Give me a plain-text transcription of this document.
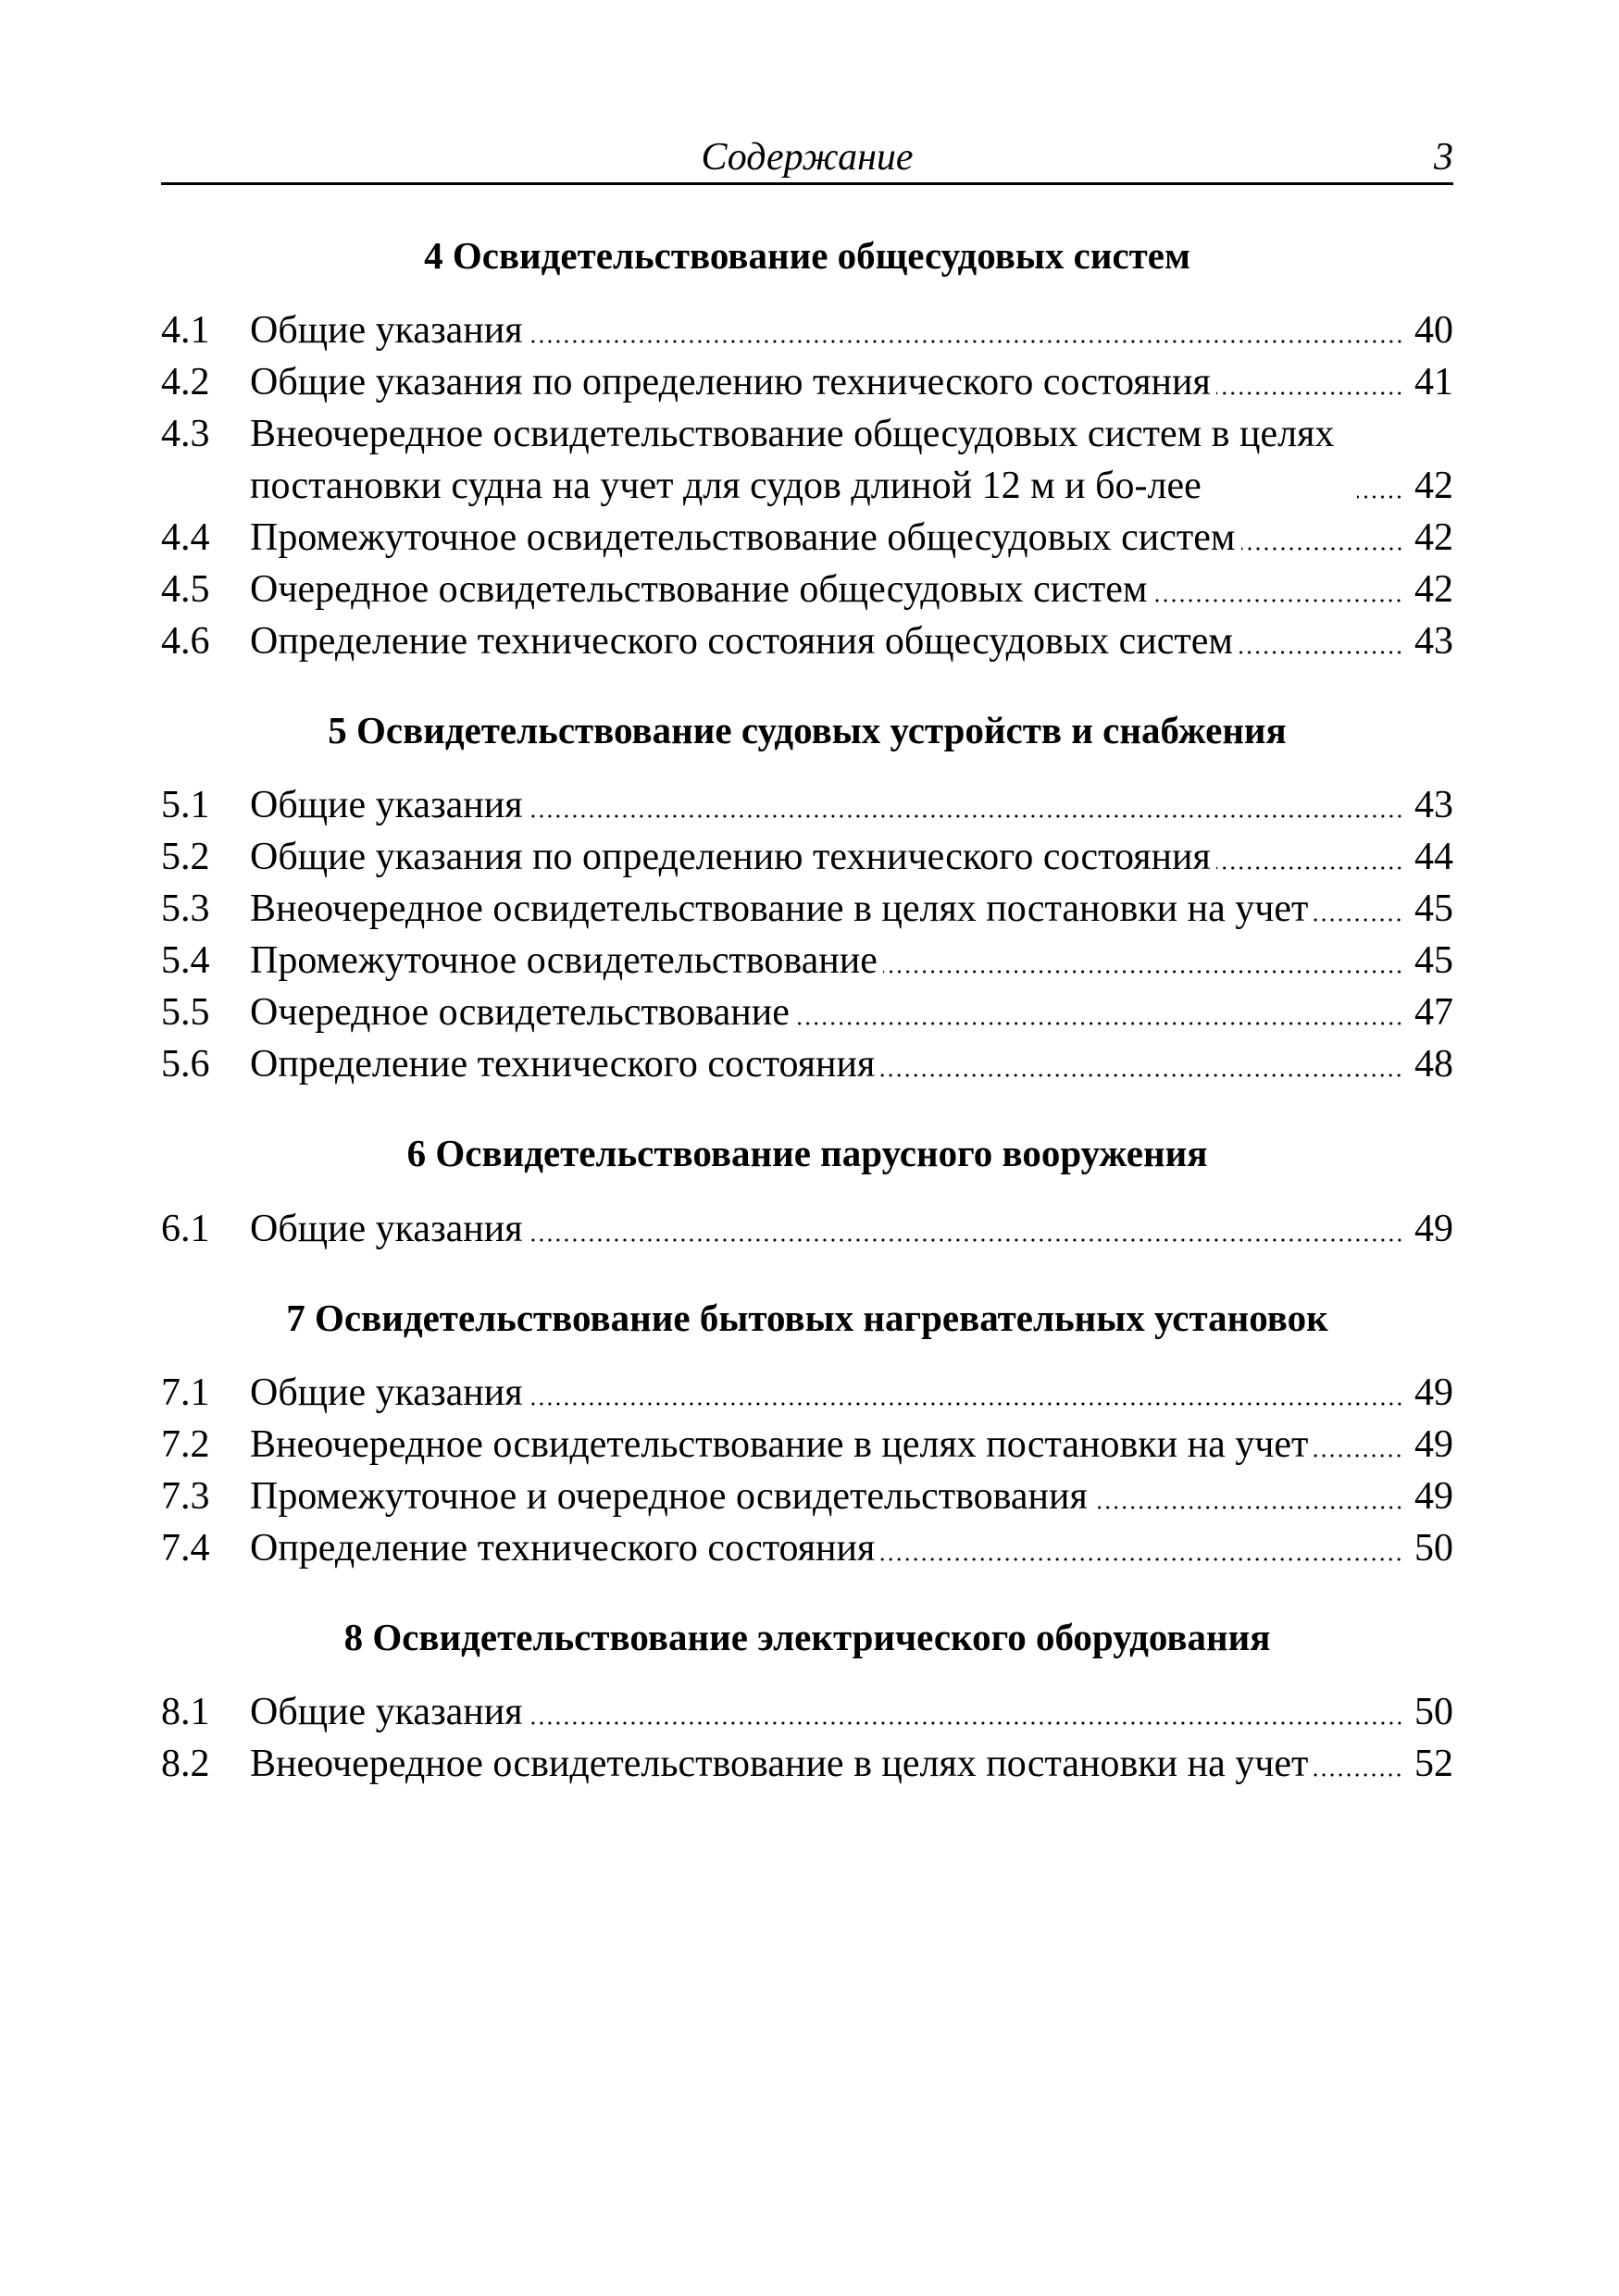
Содержание	3
4 Освидетельствование общесудовых систем
4.1	Общие указания	40
4.2	Общие указания по определению технического состояния	41
4.3	Внеочередное освидетельствование общесудовых систем в целях постановки судна на учет для судов длиной 12 м и бо-лее	42
4.4	Промежуточное освидетельствование общесудовых систем	42
4.5	Очередное освидетельствование общесудовых систем	42
4.6	Определение технического состояния общесудовых систем	43
5 Освидетельствование судовых устройств и снабжения
5.1	Общие указания	43
5.2	Общие указания по определению технического состояния	44
5.3	Внеочередное освидетельствование в целях постановки на учет	45
5.4	Промежуточное освидетельствование	45
5.5	Очередное освидетельствование	47
5.6	Определение технического состояния	48
6 Освидетельствование парусного вооружения
6.1	Общие указания	49
7 Освидетельствование бытовых нагревательных установок
7.1	Общие указания	49
7.2	Внеочередное освидетельствование в целях постановки на учет	49
7.3	Промежуточное и очередное освидетельствования	49
7.4	Определение технического состояния	50
8 Освидетельствование электрического оборудования
8.1	Общие указания	50
8.2	Внеочередное освидетельствование в целях постановки на учет	52
